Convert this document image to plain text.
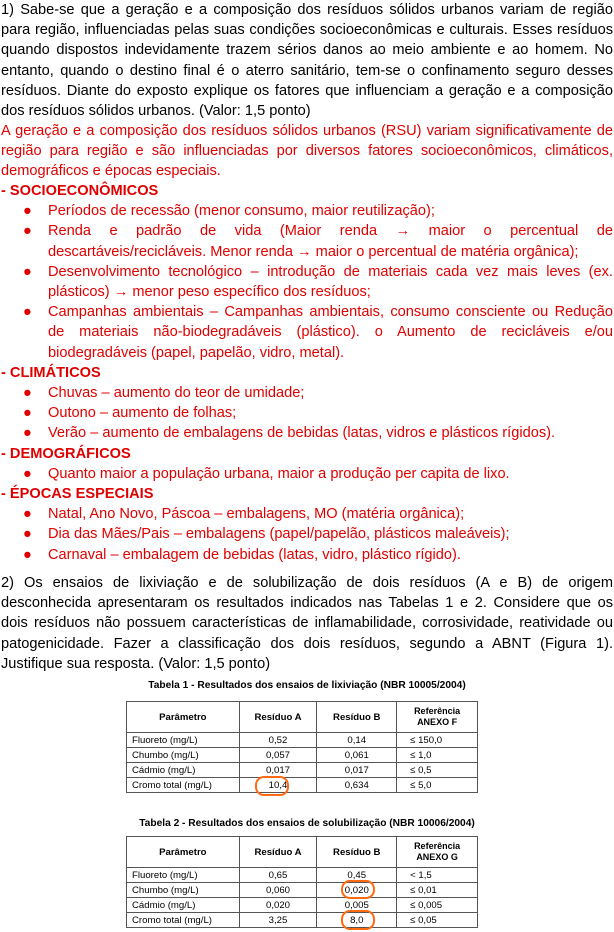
1) Sabe-se que a geração e a composição dos resíduos sólidos urbanos variam de região para região, influenciadas pelas suas condições socioeconômicas e culturais. Esses resíduos quando dispostos indevidamente trazem sérios danos ao meio ambiente e ao homem. No entanto, quando o destino final é o aterro sanitário, tem-se o confinamento seguro desses resíduos. Diante do exposto explique os fatores que influenciam a geração e a composição dos resíduos sólidos urbanos. (Valor: 1,5 ponto)
A geração e a composição dos resíduos sólidos urbanos (RSU) variam significativamente de região para região e são influenciadas por diversos fatores socioeconômicos, climáticos, demográficos e épocas especiais.
- SOCIOECONÔMICOS
● Períodos de recessão (menor consumo, maior reutilização);
● Renda e padrão de vida (Maior renda → maior o percentual de descartáveis/recicláveis. Menor renda → maior o percentual de matéria orgânica);
● Desenvolvimento tecnológico – introdução de materiais cada vez mais leves (ex. plásticos) → menor peso específico dos resíduos;
● Campanhas ambientais – Campanhas ambientais, consumo consciente ou Redução de materiais não-biodegradáveis (plástico). o Aumento de recicláveis e/ou biodegradáveis (papel, papelão, vidro, metal).
- CLIMÁTICOS
● Chuvas – aumento do teor de umidade;
● Outono – aumento de folhas;
● Verão – aumento de embalagens de bebidas (latas, vidros e plásticos rígidos).
- DEMOGRÁFICOS
● Quanto maior a população urbana, maior a produção per capita de lixo.
- ÉPOCAS ESPECIAIS
● Natal, Ano Novo, Páscoa – embalagens, MO (matéria orgânica);
● Dia das Mães/Pais – embalagens (papel/papelão, plásticos maleáveis);
● Carnaval – embalagem de bebidas (latas, vidro, plástico rígido).
2) Os ensaios de lixiviação e de solubilização de dois resíduos (A e B) de origem desconhecida apresentaram os resultados indicados nas Tabelas 1 e 2. Considere que os dois resíduos não possuem características de inflamabilidade, corrosividade, reatividade ou patogenicidade. Fazer a classificação dos dois resíduos, segundo a ABNT (Figura 1). Justifique sua resposta. (Valor: 1,5 ponto)
Tabela 1 - Resultados dos ensaios de lixiviação (NBR 10005/2004)
Parâmetro	Resíduo A	Resíduo B	Referência
ANEXO F

Fluoreto (mg/L)	0,52	0,14	≤ 150,0
Chumbo (mg/L)	0,057	0,061	≤ 1,0
Cádmio (mg/L)	0,017	0,017	≤ 0,5
Cromo total (mg/L)	10,4	0,634	≤ 5,0
Tabela 2 - Resultados dos ensaios de solubilização (NBR 10006/2004)
Parâmetro	Resíduo A	Resíduo B	Referência
ANEXO G

Fluoreto (mg/L)	0,65	0,45	< 1,5
Chumbo (mg/L)	0,060	0,020	≤ 0,01
Cádmio (mg/L)	0,020	0,005	≤ 0,005
Cromo total (mg/L)	3,25	8,0	≤ 0,05
